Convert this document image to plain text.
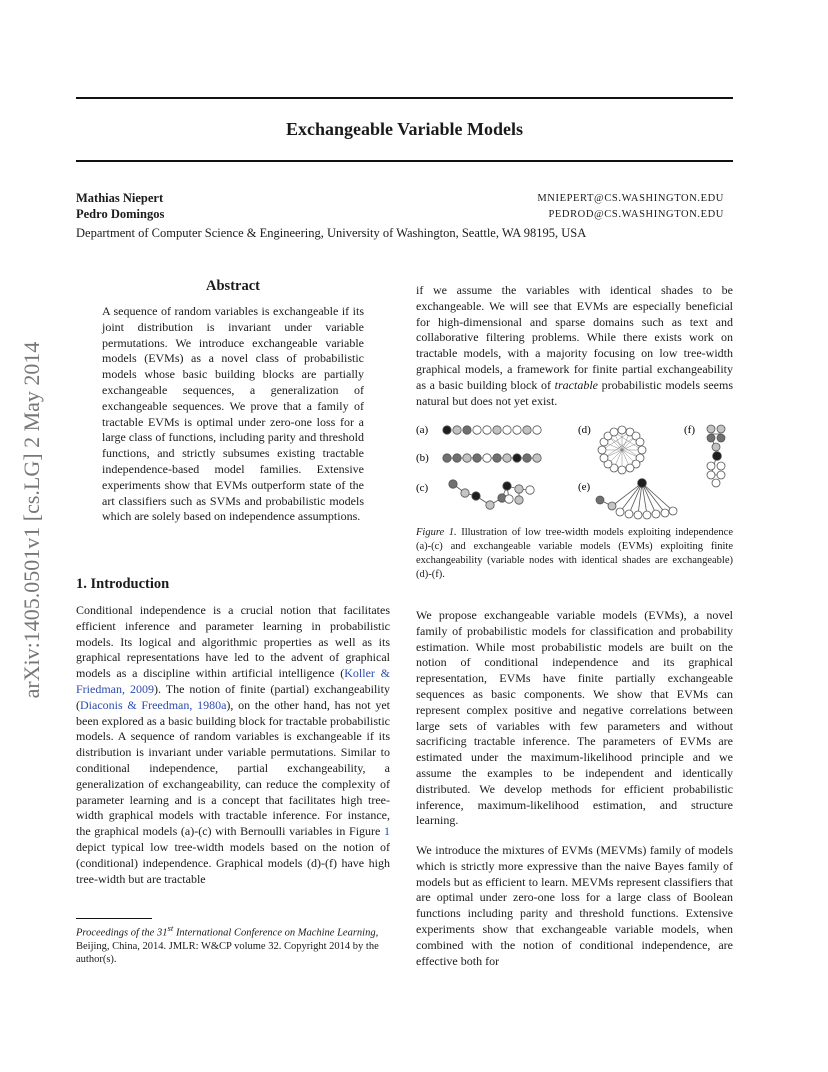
Exchangeable Variable Models
Mathias Niepert	MNIEPERT@CS.WASHINGTON.EDU
Pedro Domingos	PEDROD@CS.WASHINGTON.EDU
Department of Computer Science & Engineering, University of Washington, Seattle, WA 98195, USA
arXiv:1405.0501v1 [cs.LG] 2 May 2014
Abstract
A sequence of random variables is exchangeable if its joint distribution is invariant under variable permutations. We introduce exchangeable variable models (EVMs) as a novel class of probabilistic models whose basic building blocks are partially exchangeable sequences, a generalization of exchangeable sequences. We prove that a family of tractable EVMs is optimal under zero-one loss for a large class of functions, including parity and threshold functions, and strictly subsumes existing tractable independence-based model families. Extensive experiments show that EVMs outperform state of the art classifiers such as SVMs and probabilistic models which are solely based on independence assumptions.
1. Introduction
Conditional independence is a crucial notion that facilitates efficient inference and parameter learning in probabilistic models. Its logical and algorithmic properties as well as its graphical representations have led to the advent of graphical models as a discipline within artificial intelligence (Koller & Friedman, 2009). The notion of finite (partial) exchangeability (Diaconis & Freedman, 1980a), on the other hand, has not yet been explored as a basic building block for tractable probabilistic models. A sequence of random variables is exchangeable if its distribution is invariant under variable permutations. Similar to conditional independence, partial exchangeability, a generalization of exchangeability, can reduce the complexity of parameter learning and is a concept that facilitates high tree-width graphical models with tractable inference. For instance, the graphical models (a)-(c) with Bernoulli variables in Figure 1 depict typical low tree-width models based on the notion of (conditional) independence. Graphical models (d)-(f) have high tree-width but are tractable
Proceedings of the 31st International Conference on Machine Learning, Beijing, China, 2014. JMLR: W&CP volume 32. Copyright 2014 by the author(s).
if we assume the variables with identical shades to be exchangeable. We will see that EVMs are especially beneficial for high-dimensional and sparse domains such as text and collaborative filtering problems. While there exists work on tractable models, with a majority focusing on low tree-width graphical models, a framework for finite partial exchangeability as a basic building block of tractable probabilistic models seems natural but does not yet exist.
(a)
(b)
(c)
(d)
(e)
(f)
Figure 1. Illustration of low tree-width models exploiting independence (a)-(c) and exchangeable variable models (EVMs) exploiting finite exchangeability (variable nodes with identical shades are exchangeable) (d)-(f).
We propose exchangeable variable models (EVMs), a novel family of probabilistic models for classification and probability estimation. While most probabilistic models are built on the notion of conditional independence and its graphical representation, EVMs have finite partially exchangeable sequences as basic components. We show that EVMs can represent complex positive and negative correlations between large sets of variables with few parameters and without sacrificing tractable inference. The parameters of EVMs are estimated under the maximum-likelihood principle and we assume the examples to be independent and identically distributed. We develop methods for efficient probabilistic inference, maximum-likelihood estimation, and structure learning.
We introduce the mixtures of EVMs (MEVMs) family of models which is strictly more expressive than the naive Bayes family of models but as efficient to learn. MEVMs represent classifiers that are optimal under zero-one loss for a large class of Boolean functions including parity and threshold functions. Extensive experiments show that exchangeable variable models, when combined with the notion of conditional independence, are effective both for
